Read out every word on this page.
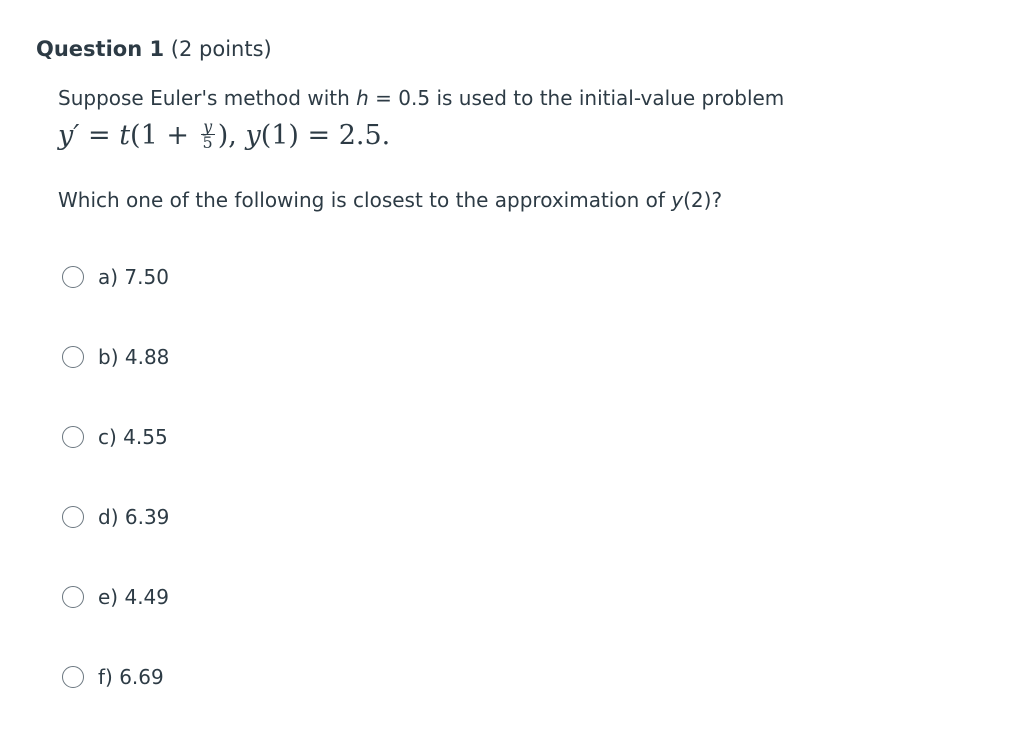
Question 1 (2 points)
Suppose Euler's method with h = 0.5 is used to the initial-value problem
$y' = t(1 + \frac{y}{5}$ ), y(1) = 2.5.
Which one of the following is closest to the approximation of y(2)?
a) 7.50
b) 4.88
c) 4.55
d) 6.39
e) 4.49
f) 6.69
